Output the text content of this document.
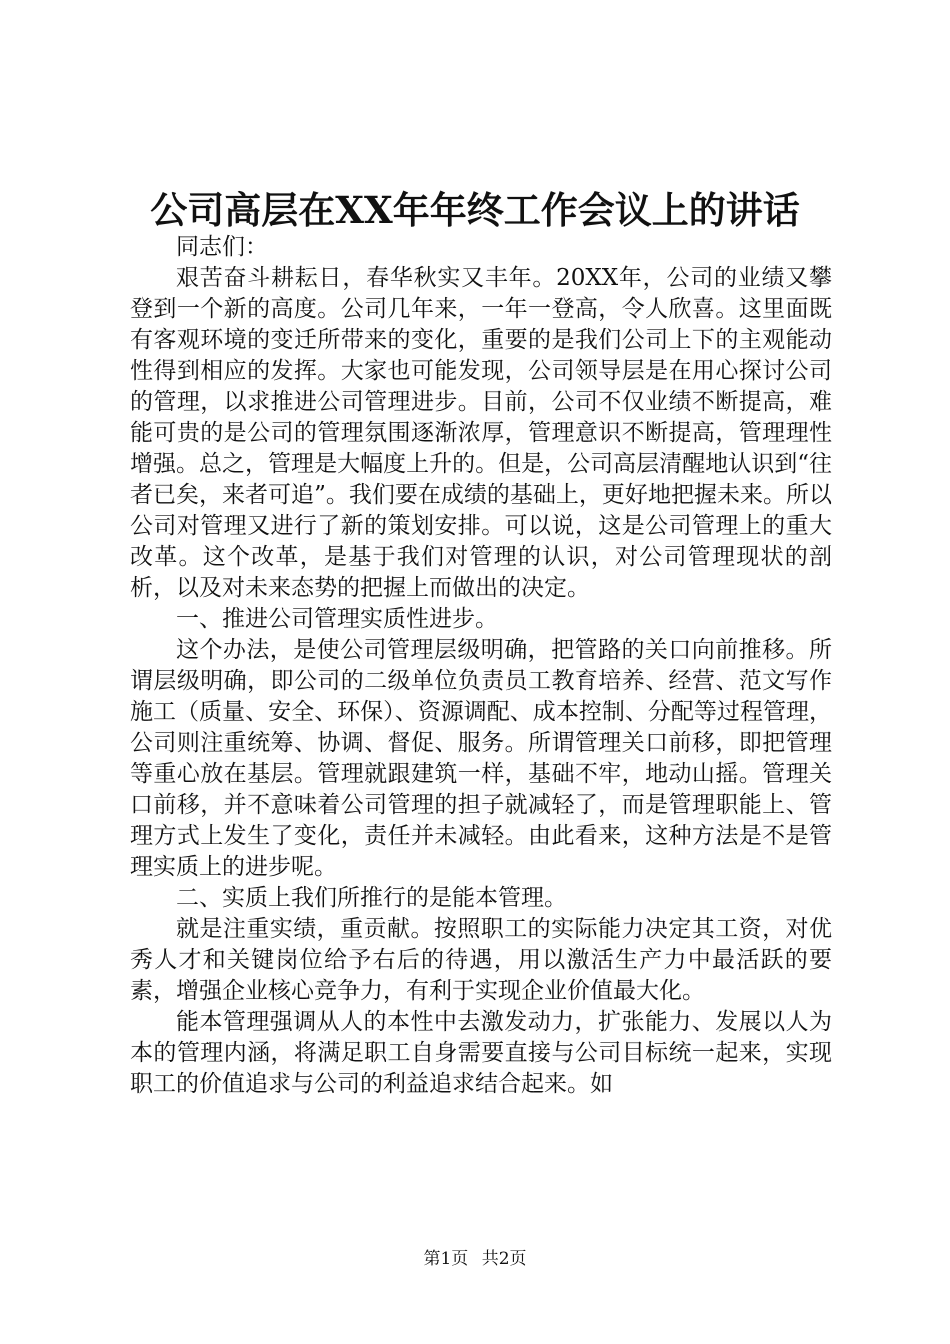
公司高层在XX年年终工作会议上的讲话

同志们：

艰苦奋斗耕耘日，春华秋实又丰年。20XX年，公司的业绩又攀登到一个新的高度。公司几年来，一年一登高，令人欣喜。这里面既有客观环境的变迁所带来的变化，重要的是我们公司上下的主观能动性得到相应的发挥。大家也可能发现，公司领导层是在用心探讨公司的管理，以求推进公司管理进步。目前，公司不仅业绩不断提高，难能可贵的是公司的管理氛围逐渐浓厚，管理意识不断提高，管理理性增强。总之，管理是大幅度上升的。但是，公司高层清醒地认识到“往者已矣，来者可追”。我们要在成绩的基础上，更好地把握未来。所以公司对管理又进行了新的策划安排。可以说，这是公司管理上的重大改革。这个改革，是基于我们对管理的认识，对公司管理现状的剖析，以及对未来态势的把握上而做出的决定。

一、推进公司管理实质性进步。

这个办法，是使公司管理层级明确，把管路的关口向前推移。所谓层级明确，即公司的二级单位负责员工教育培养、经营、范文写作施工（质量、安全、环保）、资源调配、成本控制、分配等过程管理，公司则注重统筹、协调、督促、服务。所谓管理关口前移，即把管理等重心放在基层。管理就跟建筑一样，基础不牢，地动山摇。管理关口前移，并不意味着公司管理的担子就减轻了，而是管理职能上、管理方式上发生了变化，责任并未减轻。由此看来，这种方法是不是管理实质上的进步呢。

二、实质上我们所推行的是能本管理。

就是注重实绩，重贡献。按照职工的实际能力决定其工资，对优秀人才和关键岗位给予右后的待遇，用以激活生产力中最活跃的要素，增强企业核心竞争力，有利于实现企业价值最大化。

能本管理强调从人的本性中去激发动力，扩张能力、发展以人为本的管理内涵，将满足职工自身需要直接与公司目标统一起来，实现职工的价值追求与公司的利益追求结合起来。如

第1页 共2页
